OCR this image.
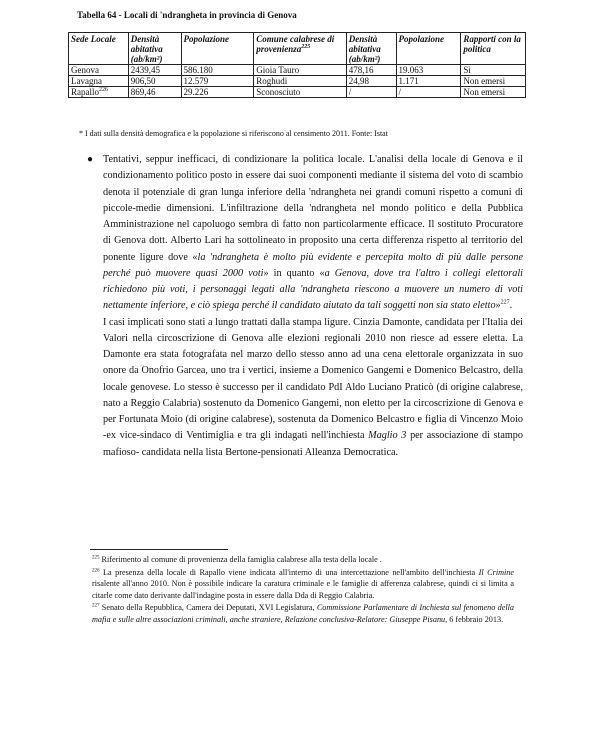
Tabella 64 - Locali di 'ndrangheta in provincia di Genova
Sede Locale	Densità abitativa (ab/km²)	Popolazione	Comune calabrese di provenienza$^{225}$	Densità abitativa (ab/km²)	Popolazione	Rapporti con la politica
Genova	2439,45	586.180	Gioia Tauro	478,16	19.063	Sì
Lavagna	906,50	12.579	Roghudi	24,98	1.171	Non emersi
Rapallo$^{226}$	869,46	29.226	Sconosciuto	/	/	Non emersi
* I dati sulla densità demografica e la popolazione si riferiscono al censimento 2011. Fonte: Istat
● Tentativi, seppur inefficaci, di condizionare la politica locale. L'analisi della locale di Genova e il condizionamento politico posto in essere dai suoi componenti mediante il sistema del voto di scambio denota il potenziale di gran lunga inferiore della 'ndrangheta nei grandi comuni rispetto a comuni di piccole-medie dimensioni. L'infiltrazione della 'ndrangheta nel mondo politico e della Pubblica Amministrazione nel capoluogo sembra di fatto non particolarmente efficace. Il sostituto Procuratore di Genova dott. Alberto Lari ha sottolineato in proposito una certa differenza rispetto al territorio del ponente ligure dove «la 'ndrangheta è molto più evidente e percepita molto di più dalle persone perché può muovere quasi 2000 voti» in quanto «a Genova, dove tra l'altro i collegi elettorali richiedono più voti, i personaggi legati alla 'ndrangheta riescono a muovere un numero di voti nettamente inferiore, e ciò spiega perché il candidato aiutato da tali soggetti non sia stato eletto»$^{227}$.

I casi implicati sono stati a lungo trattati dalla stampa ligure. Cinzia Damonte, candidata per l'Italia dei Valori nella circoscrizione di Genova alle elezioni regionali 2010 non riesce ad essere eletta. La Damonte era stata fotografata nel marzo dello stesso anno ad una cena elettorale organizzata in suo onore da Onofrio Garcea, uno tra i vertici, insieme a Domenico Gangemi e Domenico Belcastro, della locale genovese. Lo stesso è successo per il candidato PdI Aldo Luciano Praticò (di origine calabrese, nato a Reggio Calabria) sostenuto da Domenico Gangemi, non eletto per la circoscrizione di Genova e per Fortunata Moio (di origine calabrese), sostenuta da Domenico Belcastro e figlia di Vincenzo Moio -ex vice-sindaco di Ventimiglia e tra gli indagati nell'inchiesta Maglio 3 per associazione di stampo mafioso- candidata nella lista Bertone-pensionati Alleanza Democratica.

$^{225}$ Riferimento al comune di provenienza della famiglia calabrese alla testa della locale .

$^{226}$ La presenza della locale di Rapallo viene indicata all'interno di una intercettazione nell'ambito dell'inchiesta Il Crimine risalente all'anno 2010. Non è possibile indicare la caratura criminale e le famiglie di afferenza calabrese, quindi ci si limita a citarle come dato derivante dall'indagine posta in essere dalla Dda di Reggio Calabria.

$^{227}$ Senato della Repubblica, Camera dei Deputati, XVI Legislatura, Commissione Parlamentare di Inchiesta sul fenomeno della mafia e sulle altre associazioni criminali, anche straniere, Relazione conclusiva-Relatore: Giuseppe Pisanu, 6 febbraio 2013.
